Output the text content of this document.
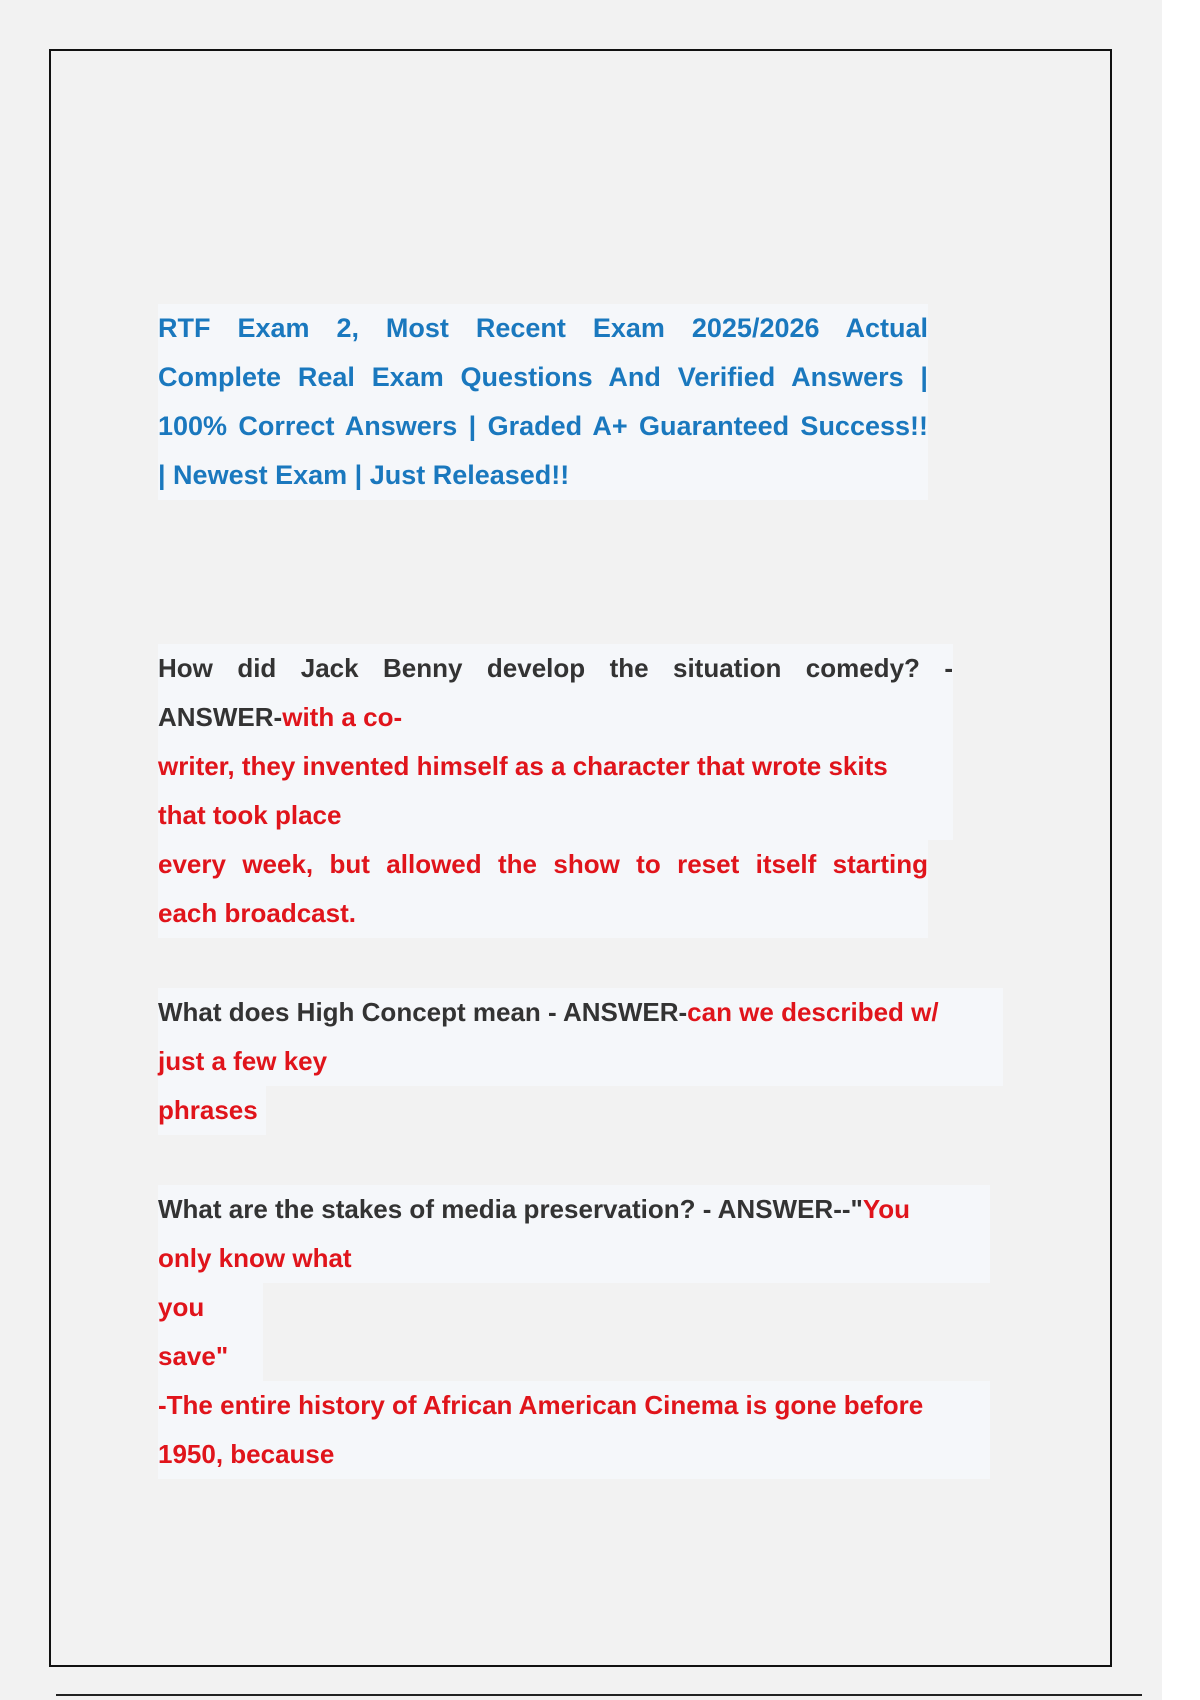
RTF Exam 2, Most Recent Exam 2025/2026 Actual
Complete Real Exam Questions And Verified Answers |
100% Correct Answers | Graded A+ Guaranteed Success!!
| Newest Exam | Just Released!!
How did Jack Benny develop the situation comedy? -
ANSWER-with a co-
writer, they invented himself as a character that wrote skits
that took place
every week, but allowed the show to reset itself starting
each broadcast.
What does High Concept mean - ANSWER-can we described w/
just a few key
phrases
What are the stakes of media preservation? - ANSWER--"You
only know what
you
save"
-The entire history of African American Cinema is gone before
1950, because
